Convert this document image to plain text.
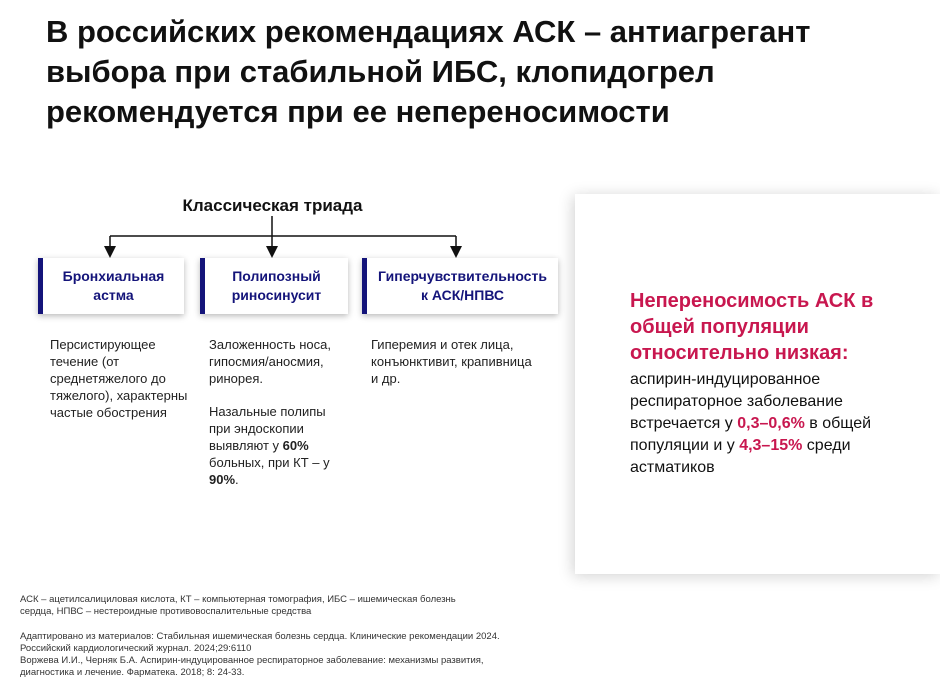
В российских рекомендациях АСК – антиагрегант выбора при стабильной ИБС, клопидогрел рекомендуется при ее непереносимости
Классическая триада
Бронхиальная астма
Полипозный риносинусит
Гиперчувствительность к АСК/НПВС

Персистирующее течение (от среднетяжелого до тяжелого), характерны частые обострения

Заложенность носа, гипосмия/аносмия, ринорея.

Назальные полипы при эндоскопии выявляют у 60% больных, при КТ – у 90%.

Гиперемия и отек лица, конъюнктивит, крапивница и др.

Непереносимость АСК в общей популяции относительно низкая:
аспирин-индуцированное респираторное заболевание встречается у 0,3–0,6% в общей популяции и у 4,3–15% среди астматиков
АСК – ацетилсалициловая кислота, КТ – компьютерная томография, ИБС – ишемическая болезнь сердца, НПВС – нестероидные противовоспалительные средства
Адаптировано из материалов: Стабильная ишемическая болезнь сердца. Клинические рекомендации 2024. Российский кардиологический журнал. 2024;29:6110
Воржева И.И., Черняк Б.А. Аспирин-индуцированное респираторное заболевание: механизмы развития, диагностика и лечение. Фарматека. 2018; 8: 24-33.
